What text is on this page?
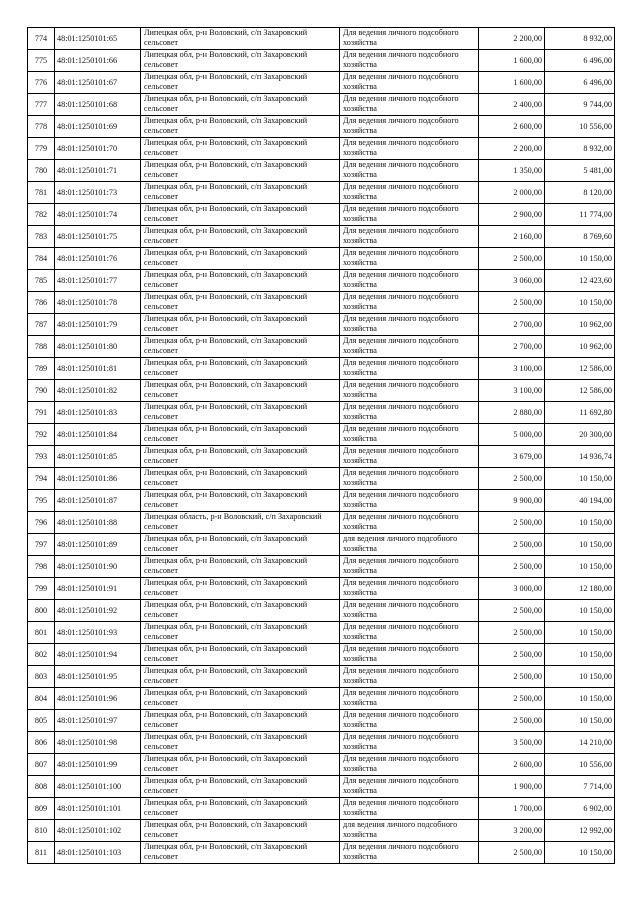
774	48:01:1250101:65	Липецкая обл, р-н Воловский, с/п Захаровский сельсовет	Для ведения личного подсобного хозяйства	2 200,00	8 932,00
775	48:01:1250101:66	Липецкая обл, р-н Воловский, с/п Захаровский сельсовет	Для ведения личного подсобного хозяйства	1 600,00	6 496,00
776	48:01:1250101:67	Липецкая обл, р-н Воловский, с/п Захаровский сельсовет	Для ведения личного подсобного хозяйства	1 600,00	6 496,00
777	48:01:1250101:68	Липецкая обл, р-н Воловский, с/п Захаровский сельсовет	Для ведения личного подсобного хозяйства	2 400,00	9 744,00
778	48:01:1250101:69	Липецкая обл, р-н Воловский, с/п Захаровский сельсовет	Для ведения личного подсобного хозяйства	2 600,00	10 556,00
779	48:01:1250101:70	Липецкая обл, р-н Воловский, с/п Захаровский сельсовет	Для ведения личного подсобного хозяйства	2 200,00	8 932,00
780	48:01:1250101:71	Липецкая обл, р-н Воловский, с/п Захаровский сельсовет	Для ведения личного подсобного хозяйства	1 350,00	5 481,00
781	48:01:1250101:73	Липецкая обл, р-н Воловский, с/п Захаровский сельсовет	Для ведения личного подсобного хозяйства	2 000,00	8 120,00
782	48:01:1250101:74	Липецкая обл, р-н Воловский, с/п Захаровский сельсовет	Для ведения личного подсобного хозяйства	2 900,00	11 774,00
783	48:01:1250101:75	Липецкая обл, р-н Воловский, с/п Захаровский сельсовет	Для ведения личного подсобного хозяйства	2 160,00	8 769,60
784	48:01:1250101:76	Липецкая обл, р-н Воловский, с/п Захаровский сельсовет	Для ведения личного подсобного хозяйства	2 500,00	10 150,00
785	48:01:1250101:77	Липецкая обл, р-н Воловский, с/п Захаровский сельсовет	Для ведения личного подсобного хозяйства	3 060,00	12 423,60
786	48:01:1250101:78	Липецкая обл, р-н Воловский, с/п Захаровский сельсовет	Для ведения личного подсобного хозяйства	2 500,00	10 150,00
787	48:01:1250101:79	Липецкая обл, р-н Воловский, с/п Захаровский сельсовет	Для ведения личного подсобного хозяйства	2 700,00	10 962,00
788	48:01:1250101:80	Липецкая обл, р-н Воловский, с/п Захаровский сельсовет	Для ведения личного подсобного хозяйства	2 700,00	10 962,00
789	48:01:1250101:81	Липецкая обл, р-н Воловский, с/п Захаровский сельсовет	Для ведения личного подсобного хозяйства	3 100,00	12 586,00
790	48:01:1250101:82	Липецкая обл, р-н Воловский, с/п Захаровский сельсовет	Для ведения личного подсобного хозяйства	3 100,00	12 586,00
791	48:01:1250101:83	Липецкая обл, р-н Воловский, с/п Захаровский сельсовет	Для ведения личного подсобного хозяйства	2 880,00	11 692,80
792	48:01:1250101:84	Липецкая обл, р-н Воловский, с/п Захаровский сельсовет	Для ведения личного подсобного хозяйства	5 000,00	20 300,00
793	48:01:1250101:85	Липецкая обл, р-н Воловский, с/п Захаровский сельсовет	Для ведения личного подсобного хозяйства	3 679,00	14 936,74
794	48:01:1250101:86	Липецкая обл, р-н Воловский, с/п Захаровский сельсовет	Для ведения личного подсобного хозяйства	2 500,00	10 150,00
795	48:01:1250101:87	Липецкая обл, р-н Воловский, с/п Захаровский сельсовет	Для ведения личного подсобного хозяйства	9 900,00	40 194,00
796	48:01:1250101:88	Липецкая область, р-н Воловский, с/п Захаровский сельсовет	Для ведения личного подсобного хозяйства	2 500,00	10 150,00
797	48:01:1250101:89	Липецкая обл, р-н Воловский, с/п Захаровский сельсовет	для ведения личного подсобного хозяйства	2 500,00	10 150,00
798	48:01:1250101:90	Липецкая обл, р-н Воловский, с/п Захаровский сельсовет	Для ведения личного подсобного хозяйства	2 500,00	10 150,00
799	48:01:1250101:91	Липецкая обл, р-н Воловский, с/п Захаровский сельсовет	Для ведения личного подсобного хозяйства	3 000,00	12 180,00
800	48:01:1250101:92	Липецкая обл, р-н Воловский, с/п Захаровский сельсовет	Для ведения личного подсобного хозяйства	2 500,00	10 150,00
801	48:01:1250101:93	Липецкая обл, р-н Воловский, с/п Захаровский сельсовет	Для ведения личного подсобного хозяйства	2 500,00	10 150,00
802	48:01:1250101:94	Липецкая обл, р-н Воловский, с/п Захаровский сельсовет	Для ведения личного подсобного хозяйства	2 500,00	10 150,00
803	48:01:1250101:95	Липецкая обл, р-н Воловский, с/п Захаровский сельсовет	Для ведения личного подсобного хозяйства	2 500,00	10 150,00
804	48:01:1250101:96	Липецкая обл, р-н Воловский, с/п Захаровский сельсовет	Для ведения личного подсобного хозяйства	2 500,00	10 150,00
805	48:01:1250101:97	Липецкая обл, р-н Воловский, с/п Захаровский сельсовет	Для ведения личного подсобного хозяйства	2 500,00	10 150,00
806	48:01:1250101:98	Липецкая обл, р-н Воловский, с/п Захаровский сельсовет	Для ведения личного подсобного хозяйства	3 500,00	14 210,00
807	48:01:1250101:99	Липецкая обл, р-н Воловский, с/п Захаровский сельсовет	Для ведения личного подсобного хозяйства	2 600,00	10 556,00
808	48:01:1250101:100	Липецкая обл, р-н Воловский, с/п Захаровский сельсовет	Для ведения личного подсобного хозяйства	1 900,00	7 714,00
809	48:01:1250101:101	Липецкая обл, р-н Воловский, с/п Захаровский сельсовет	Для ведения личного подсобного хозяйства	1 700,00	6 902,00
810	48:01:1250101:102	Липецкая обл, р-н Воловский, с/п Захаровский сельсовет	для ведения личного подсобного хозяйства	3 200,00	12 992,00
811	48:01:1250101:103	Липецкая обл, р-н Воловский, с/п Захаровский сельсовет	Для ведения личного подсобного хозяйства	2 500,00	10 150,00
